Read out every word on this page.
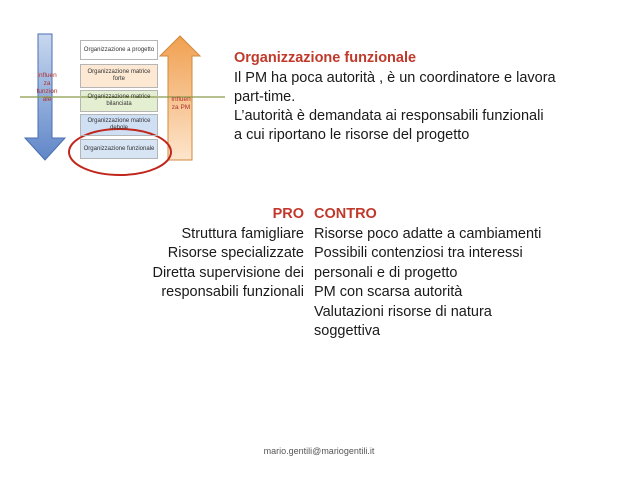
Organizzazione a progetto
Organizzazione matrice forte
Organizzazione matrice bilanciata
Organizzazione matrice debole
Organizzazione funzionale
Influen za funzion ale	Influen za PM
Organizzazione funzionale
Il PM ha poca autorità , è un coordinatore e lavora
part-time.
L’autorità è demandata ai responsabili funzionali
a cui riportano le risorse del progetto
PRO
Struttura famigliare
Risorse specializzate
Diretta supervisione dei
responsabili funzionali
CONTRO
Risorse poco adatte a cambiamenti
Possibili contenziosi tra interessi
personali e di progetto
PM con scarsa autorità
Valutazioni risorse di natura
soggettiva
mario.gentili@mariogentili.it
